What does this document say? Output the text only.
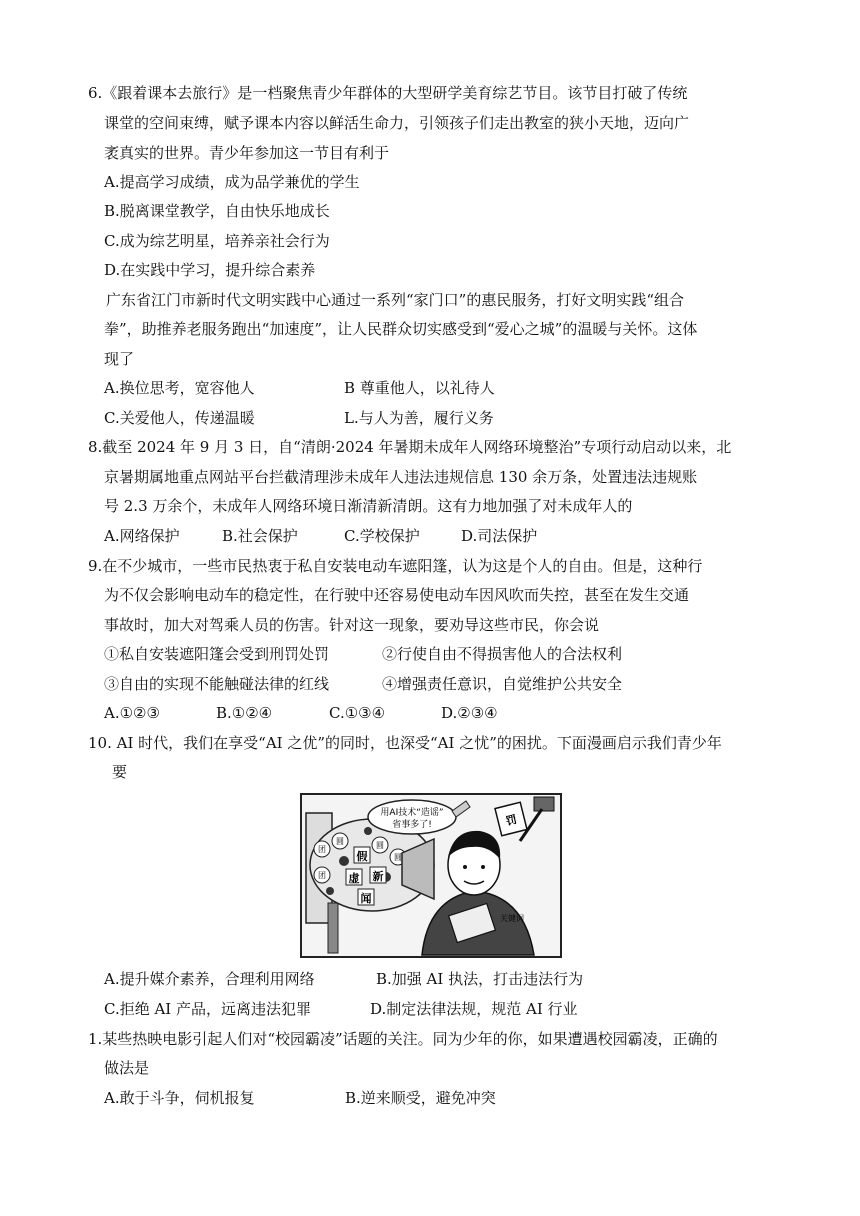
6.《跟着课本去旅行》是一档聚焦青少年群体的大型研学美育综艺节目。该节目打破了传统
课堂的空间束缚，赋予课本内容以鲜活生命力，引领孩子们走出教室的狭小天地，迈向广
袤真实的世界。青少年参加这一节目有利于
A.提高学习成绩，成为品学兼优的学生
B.脱离课堂教学，自由快乐地成长
C.成为综艺明星，培养亲社会行为
D.在实践中学习，提升综合素养
广东省江门市新时代文明实践中心通过一系列“家门口”的惠民服务，打好文明实践“组合
拳”，助推养老服务跑出“加速度”，让人民群众切实感受到“爱心之城”的温暖与关怀。这体
现了
A.换位思考，宽容他人	B 尊重他人，以礼待人
C.关爱他人，传递温暖	L.与人为善，履行义务
8.截至 2024 年 9 月 3 日，自“清朗·2024 年暑期未成年人网络环境整治”专项行动启动以来，北
京暑期属地重点网站平台拦截清理涉未成年人违法违规信息 130 余万条，处置违法违规账
号 2.3 万余个，未成年人网络环境日渐清新清朗。这有力地加强了对未成年人的
A.网络保护	B.社会保护	C.学校保护	D.司法保护
9.在不少城市，一些市民热衷于私自安装电动车遮阳篷，认为这是个人的自由。但是，这种行
为不仅会影响电动车的稳定性，在行驶中还容易使电动车因风吹而失控，甚至在发生交通
事故时，加大对驾乘人员的伤害。针对这一现象，要劝导这些市民，你会说
①私自安装遮阳篷会受到刑罚处罚	②行使自由不得损害他人的合法权利
③自由的实现不能触碰法律的红线	④增强责任意识，自觉维护公共安全
A.①②③	B.①②④	C.①③④	D.②③④
10. AI 时代，我们在享受“AI 之优”的同时，也深受“AI 之忧”的困扰。下面漫画启示我们青少年
要
团
圆	圆
圆
团
假
虚 新
闻
关键词
用AI技术“造谣”
省事多了!	罚
A.提升媒介素养，合理利用网络	B.加强 AI 执法，打击违法行为
C.拒绝 AI 产品，远离违法犯罪	D.制定法律法规，规范 AI 行业
1.某些热映电影引起人们对“校园霸凌”话题的关注。同为少年的你，如果遭遇校园霸凌，正确的
做法是
A.敢于斗争，伺机报复	B.逆来顺受，避免冲突
